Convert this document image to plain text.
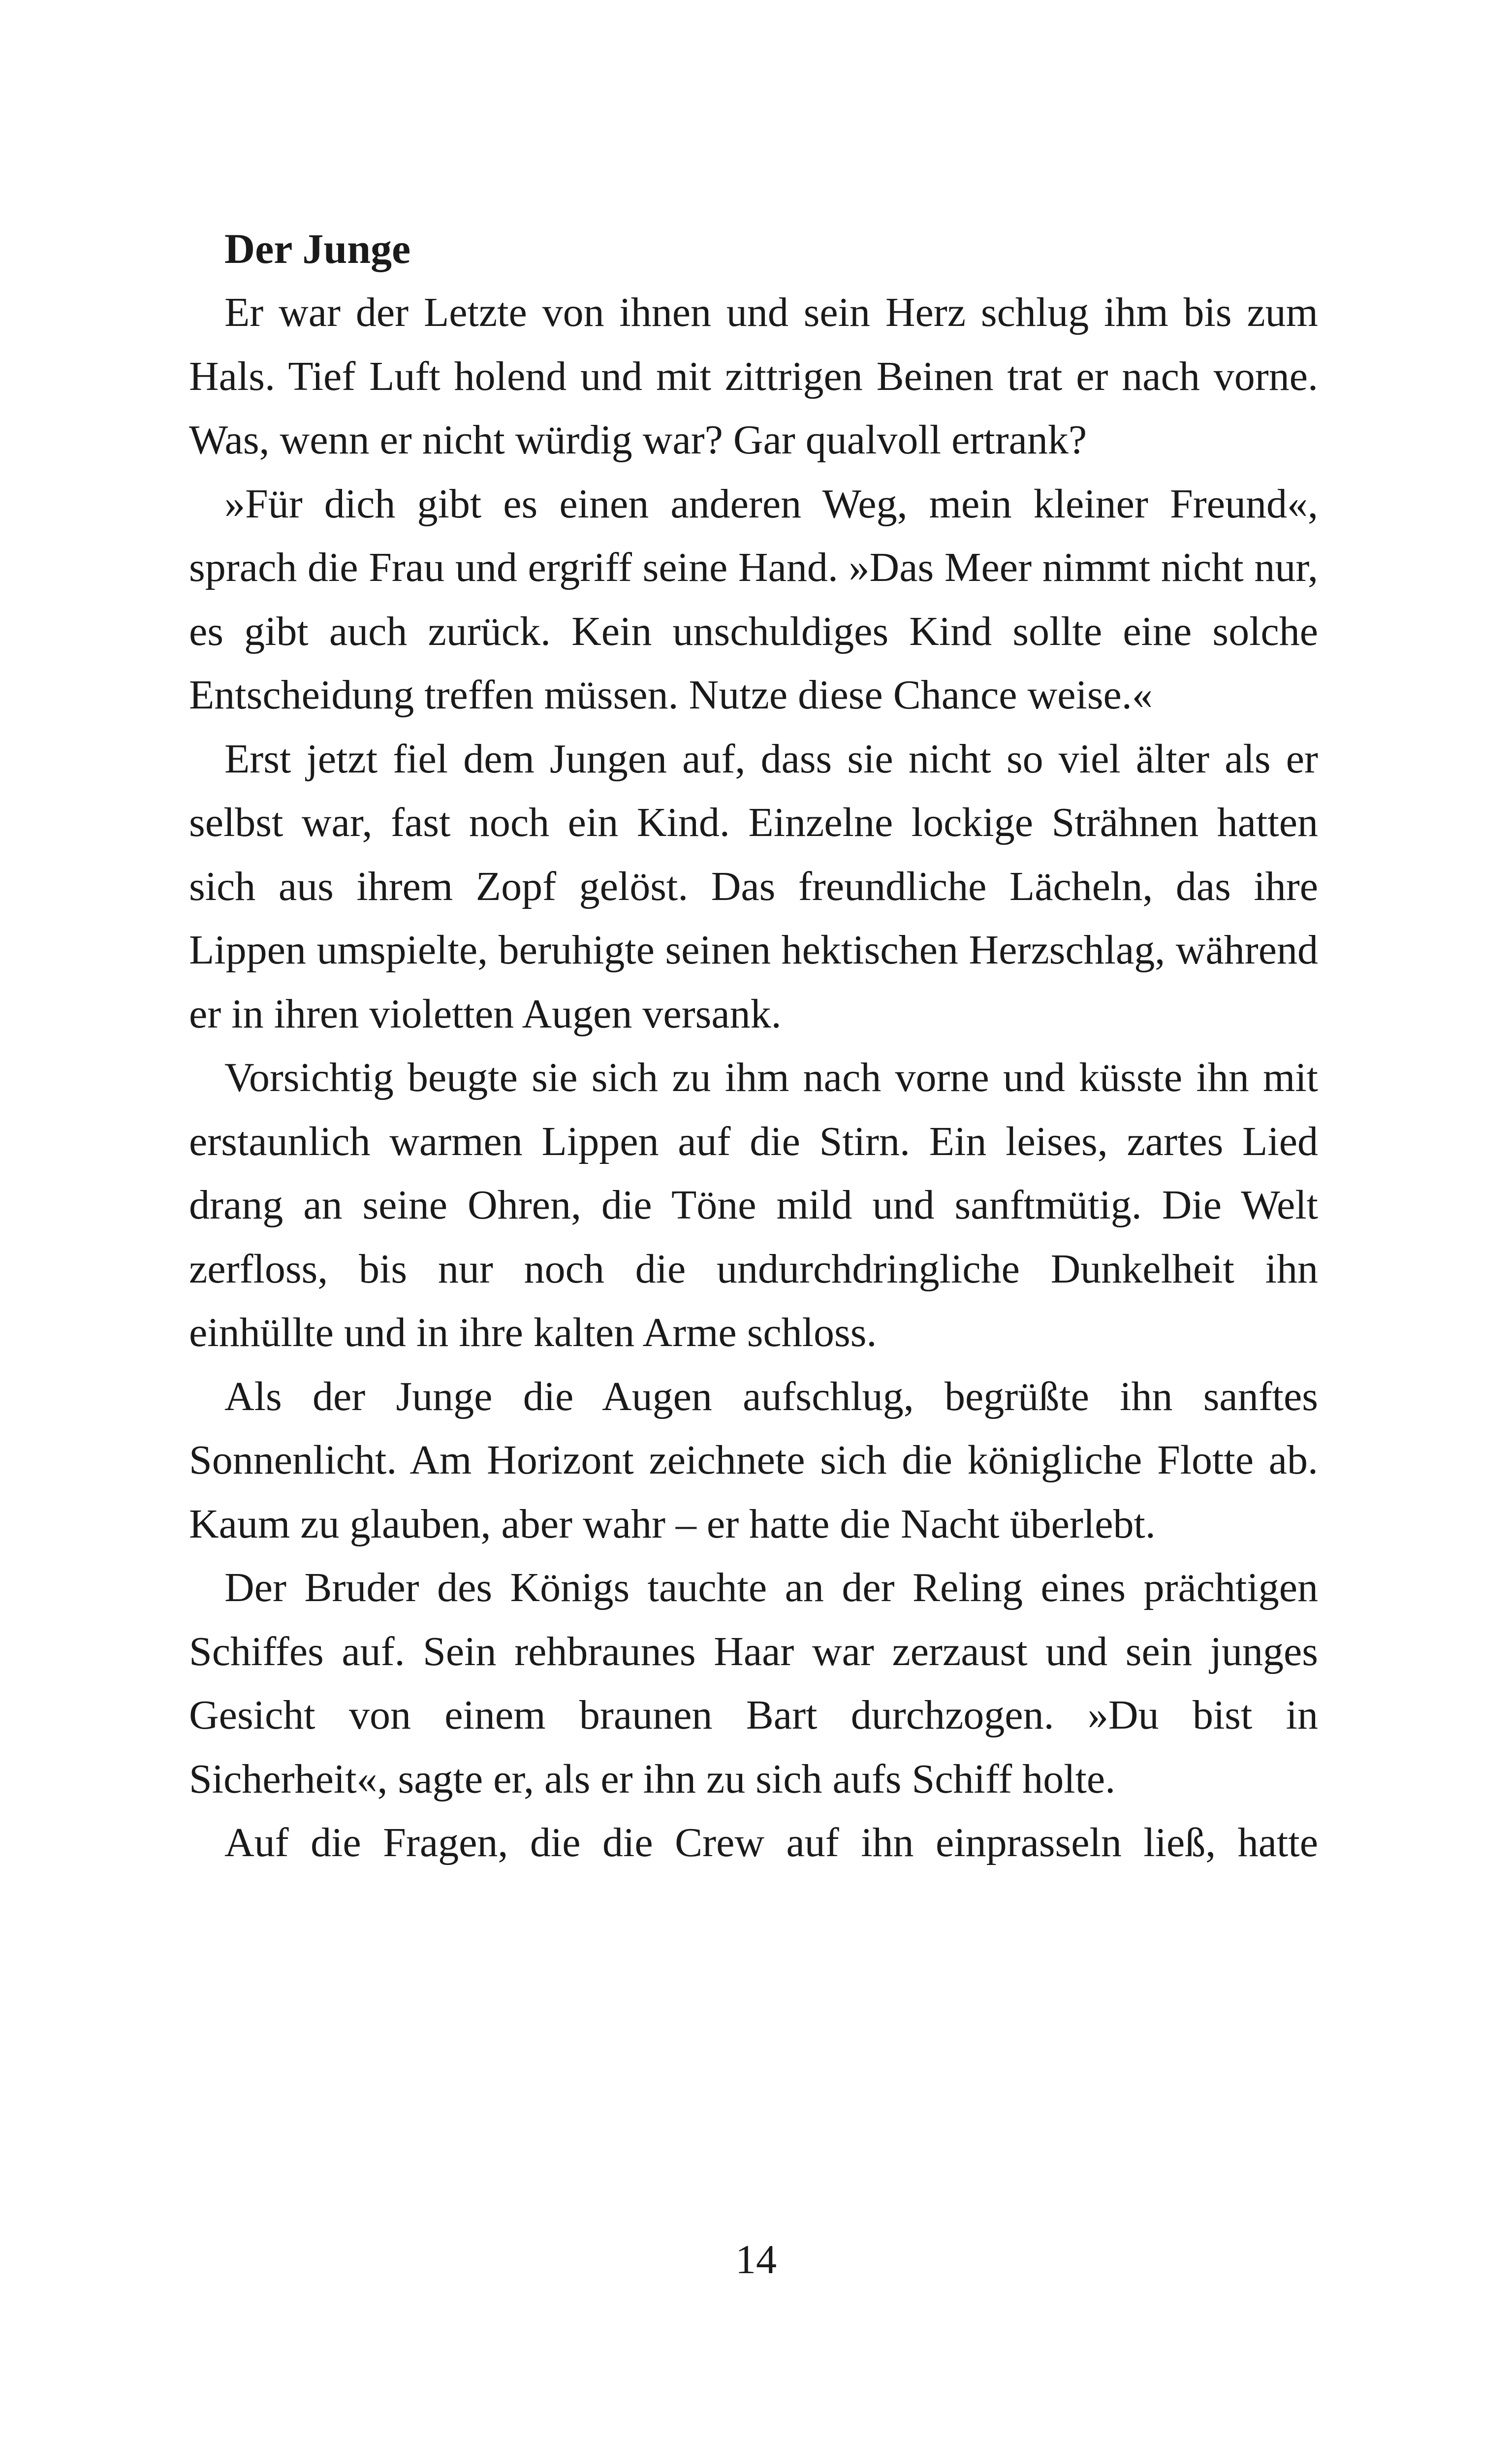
Der Junge

Er war der Letzte von ihnen und sein Herz schlug ihm bis zum Hals. Tief Luft holend und mit zittrigen Beinen trat er nach vorne. Was, wenn er nicht würdig war? Gar qualvoll ertrank?

»Für dich gibt es einen anderen Weg, mein kleiner Freund«, sprach die Frau und ergriff seine Hand. »Das Meer nimmt nicht nur, es gibt auch zurück. Kein unschuldiges Kind sollte eine solche Entscheidung treffen müssen. Nutze diese Chance weise.«

Erst jetzt fiel dem Jungen auf, dass sie nicht so viel älter als er selbst war, fast noch ein Kind. Einzelne lockige Strähnen hatten sich aus ihrem Zopf gelöst. Das freundliche Lächeln, das ihre Lippen umspielte, beruhigte seinen hektischen Herzschlag, während er in ihren violetten Augen versank.

Vorsichtig beugte sie sich zu ihm nach vorne und küsste ihn mit erstaunlich warmen Lippen auf die Stirn. Ein leises, zartes Lied drang an seine Ohren, die Töne mild und sanftmütig. Die Welt zerfloss, bis nur noch die undurchdringliche Dunkelheit ihn einhüllte und in ihre kalten Arme schloss.

Als der Junge die Augen aufschlug, begrüßte ihn sanftes Sonnenlicht. Am Horizont zeichnete sich die königliche Flotte ab. Kaum zu glauben, aber wahr – er hatte die Nacht überlebt.

Der Bruder des Königs tauchte an der Reling eines prächtigen Schiffes auf. Sein rehbraunes Haar war zerzaust und sein junges Gesicht von einem braunen Bart durchzogen. »Du bist in Sicherheit«, sagte er, als er ihn zu sich aufs Schiff holte.

Auf die Fragen, die die Crew auf ihn einprasseln ließ, hatte

14
